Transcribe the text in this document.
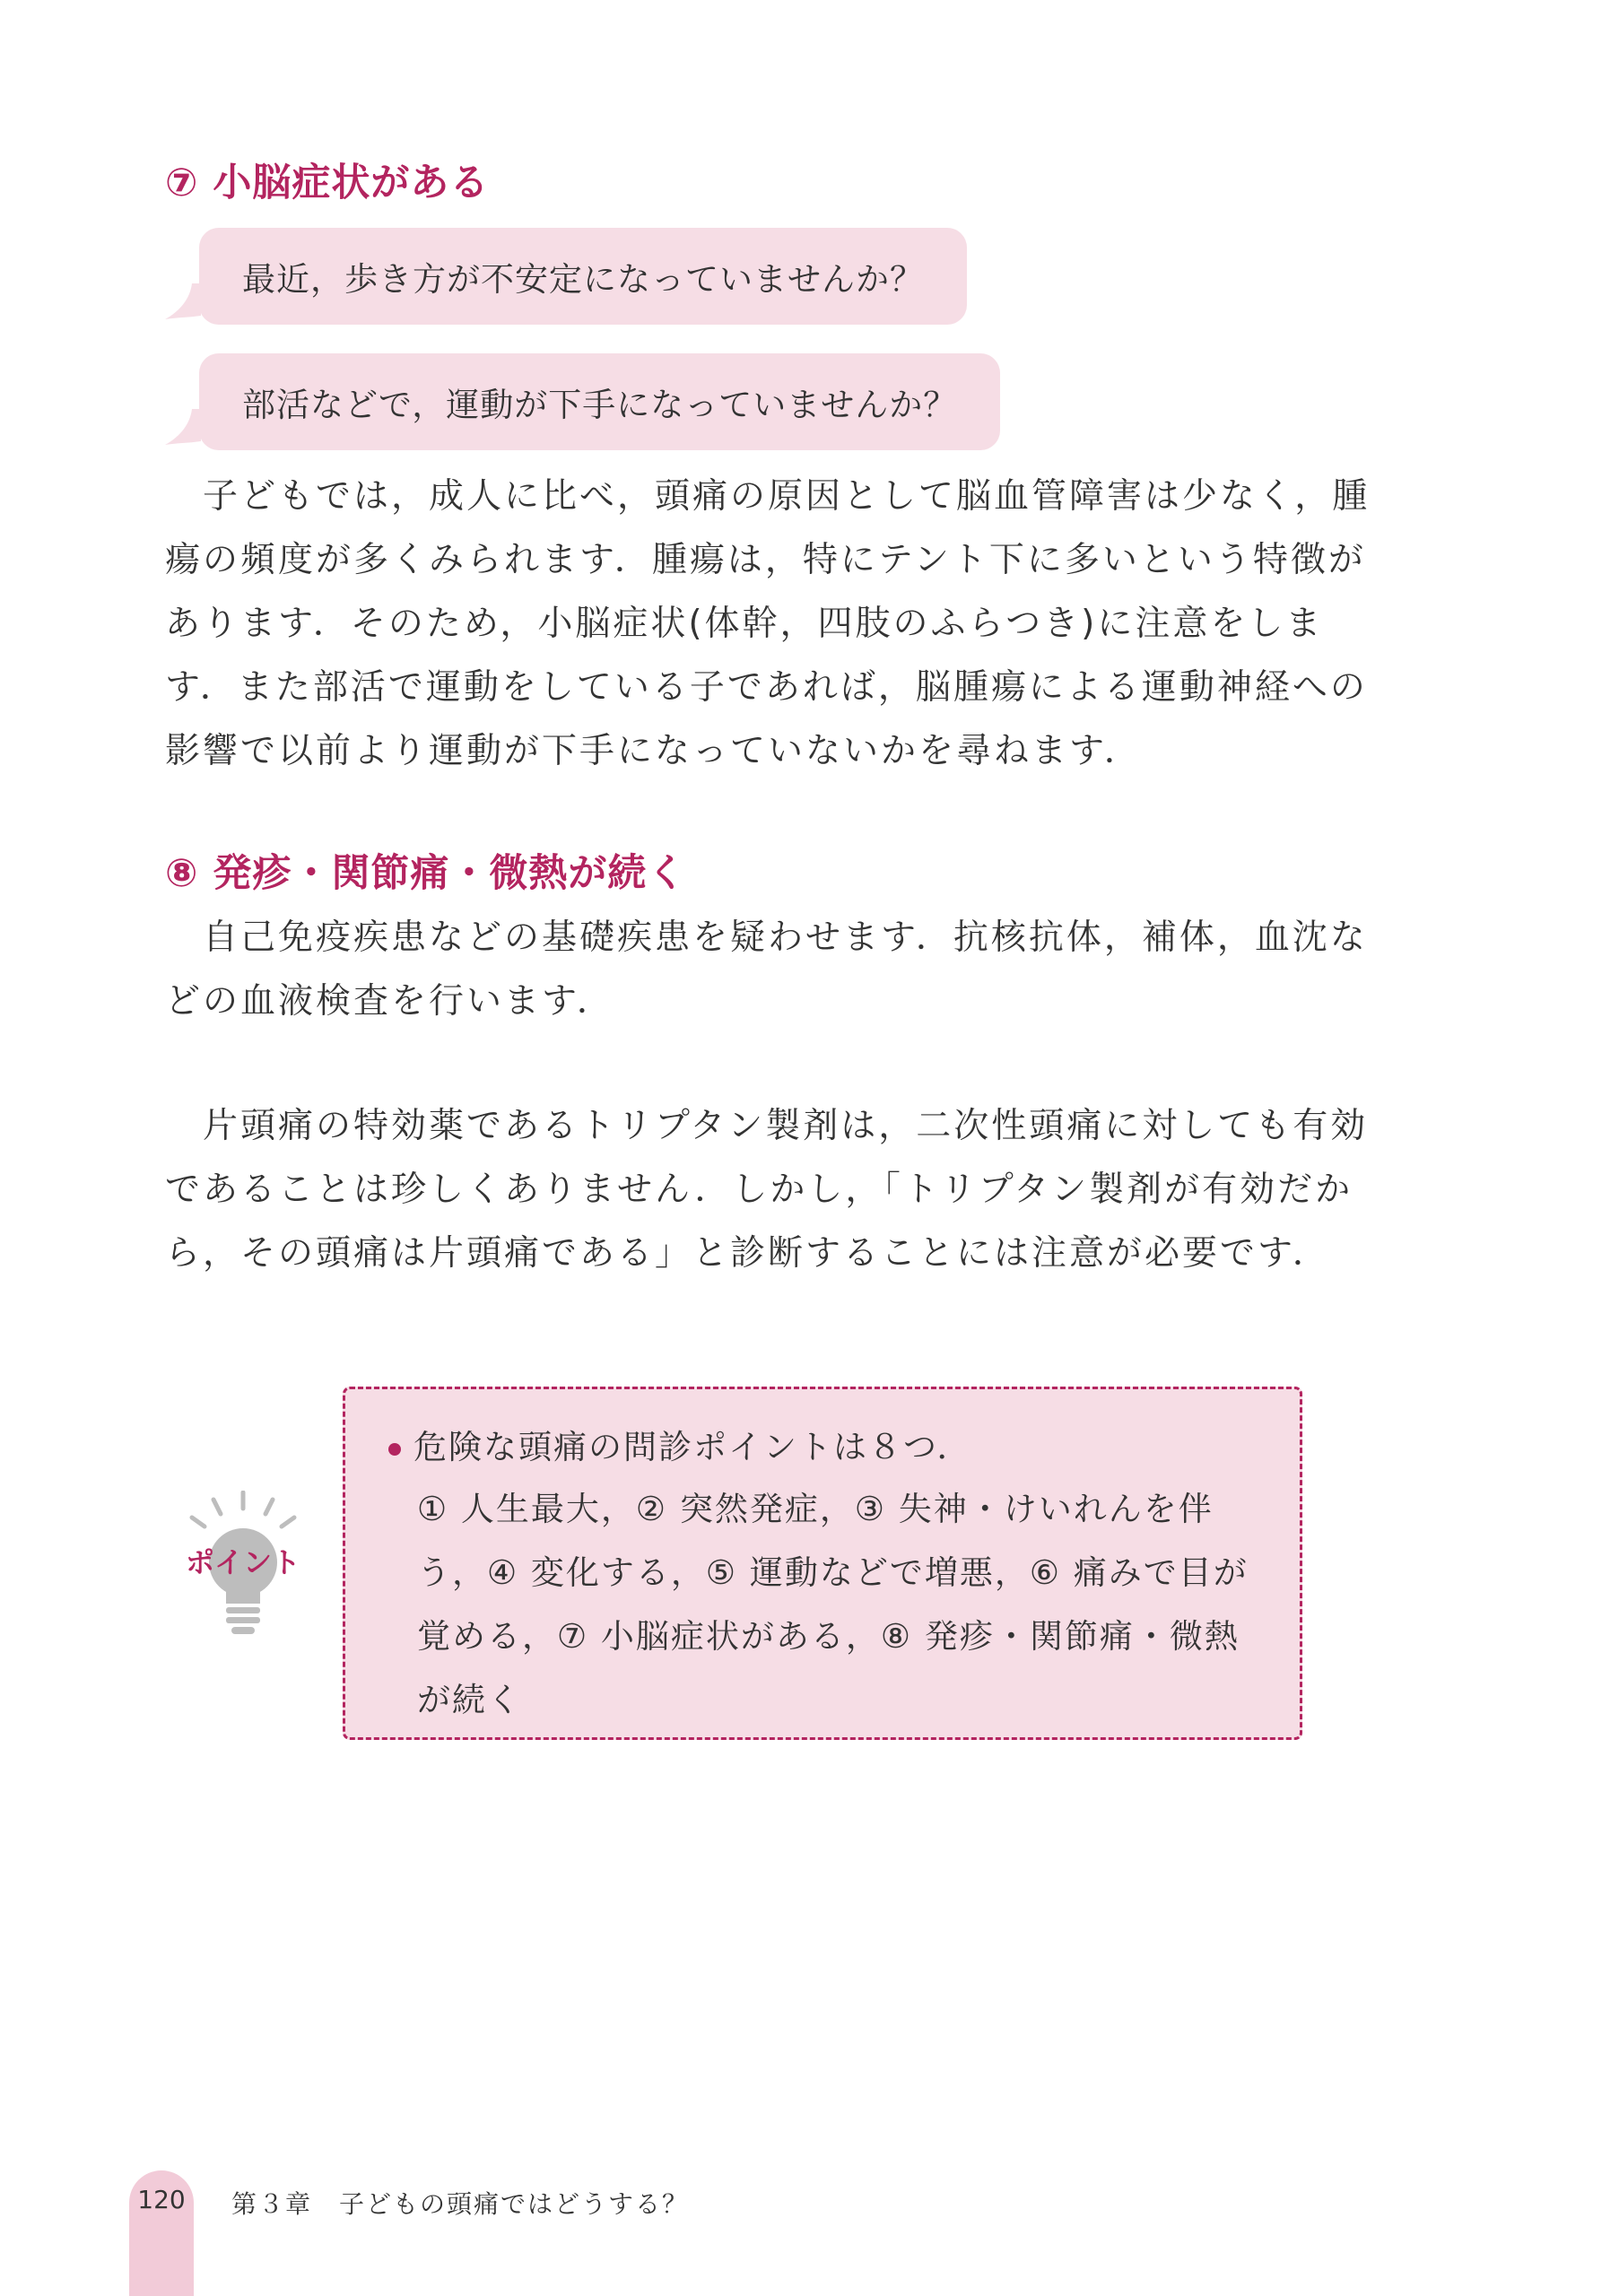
⑦ 小脳症状がある
最近，歩き方が不安定になっていませんか？
部活などで，運動が下手になっていませんか？

　子どもでは，成人に比べ，頭痛の原因として脳血管障害は少なく，腫
瘍の頻度が多くみられます．腫瘍は，特にテント下に多いという特徴が
あります．そのため，小脳症状(体幹，四肢のふらつき)に注意をしま
す．また部活で運動をしている子であれば，脳腫瘍による運動神経への
影響で以前より運動が下手になっていないかを尋ねます．

⑧ 発疹・関節痛・微熱が続く

　自己免疫疾患などの基礎疾患を疑わせます．抗核抗体，補体，血沈な
どの血液検査を行います．

　片頭痛の特効薬であるトリプタン製剤は，二次性頭痛に対しても有効
であることは珍しくありません．しかし，「トリプタン製剤が有効だか
ら，その頭痛は片頭痛である」と診断することには注意が必要です．

ポイント
危険な頭痛の問診ポイントは８つ．

① 人生最大，② 突然発症，③ 失神・けいれんを伴
う，④ 変化する，⑤ 運動などで増悪，⑥ 痛みで目が
覚める，⑦ 小脳症状がある，⑧ 発疹・関節痛・微熱
が続く

120	第３章　子どもの頭痛ではどうする？
